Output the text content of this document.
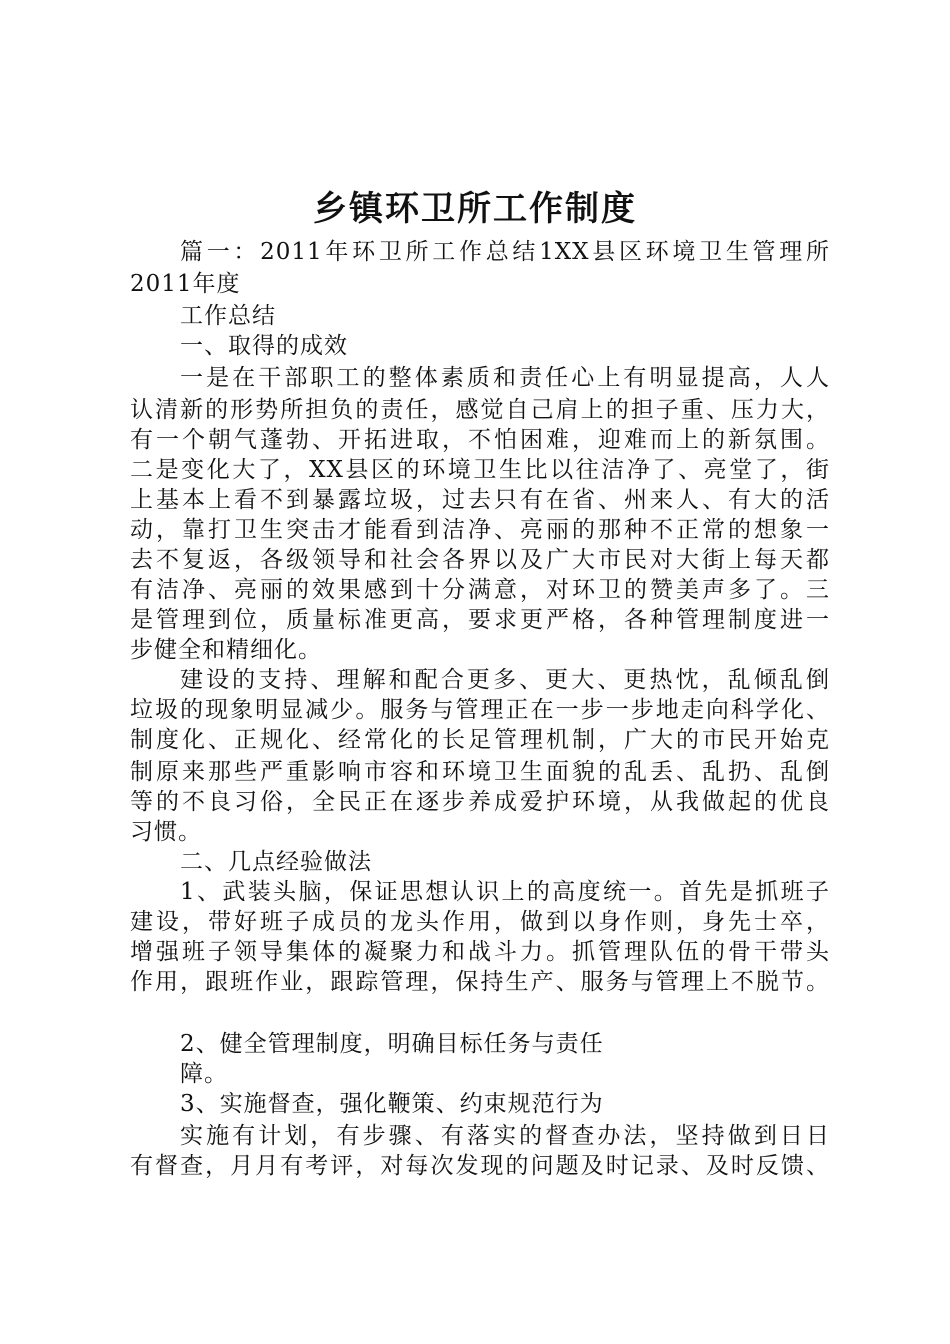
乡镇环卫所工作制度
篇一：2011年环卫所工作总结1XX县区环境卫生管理所
2011年度
工作总结
一、取得的成效
一是在干部职工的整体素质和责任心上有明显提高，人人
认清新的形势所担负的责任，感觉自己肩上的担子重、压力大，
有一个朝气蓬勃、开拓进取，不怕困难，迎难而上的新氛围。
二是变化大了，XX县区的环境卫生比以往洁净了、亮堂了，街
上基本上看不到暴露垃圾，过去只有在省、州来人、有大的活
动，靠打卫生突击才能看到洁净、亮丽的那种不正常的想象一
去不复返，各级领导和社会各界以及广大市民对大街上每天都
有洁净、亮丽的效果感到十分满意，对环卫的赞美声多了。三
是管理到位，质量标准更高，要求更严格，各种管理制度进一
步健全和精细化。
建设的支持、理解和配合更多、更大、更热忱，乱倾乱倒
垃圾的现象明显减少。服务与管理正在一步一步地走向科学化、
制度化、正规化、经常化的长足管理机制，广大的市民开始克
制原来那些严重影响市容和环境卫生面貌的乱丢、乱扔、乱倒
等的不良习俗，全民正在逐步养成爱护环境，从我做起的优良
习惯。
二、几点经验做法
1、武装头脑，保证思想认识上的高度统一。首先是抓班子
建设，带好班子成员的龙头作用，做到以身作则，身先士卒，
增强班子领导集体的凝聚力和战斗力。抓管理队伍的骨干带头
作用，跟班作业，跟踪管理，保持生产、服务与管理上不脱节。
2、健全管理制度，明确目标任务与责任
障。
3、实施督查，强化鞭策、约束规范行为
实施有计划，有步骤、有落实的督查办法，坚持做到日日
有督查，月月有考评，对每次发现的问题及时记录、及时反馈、
